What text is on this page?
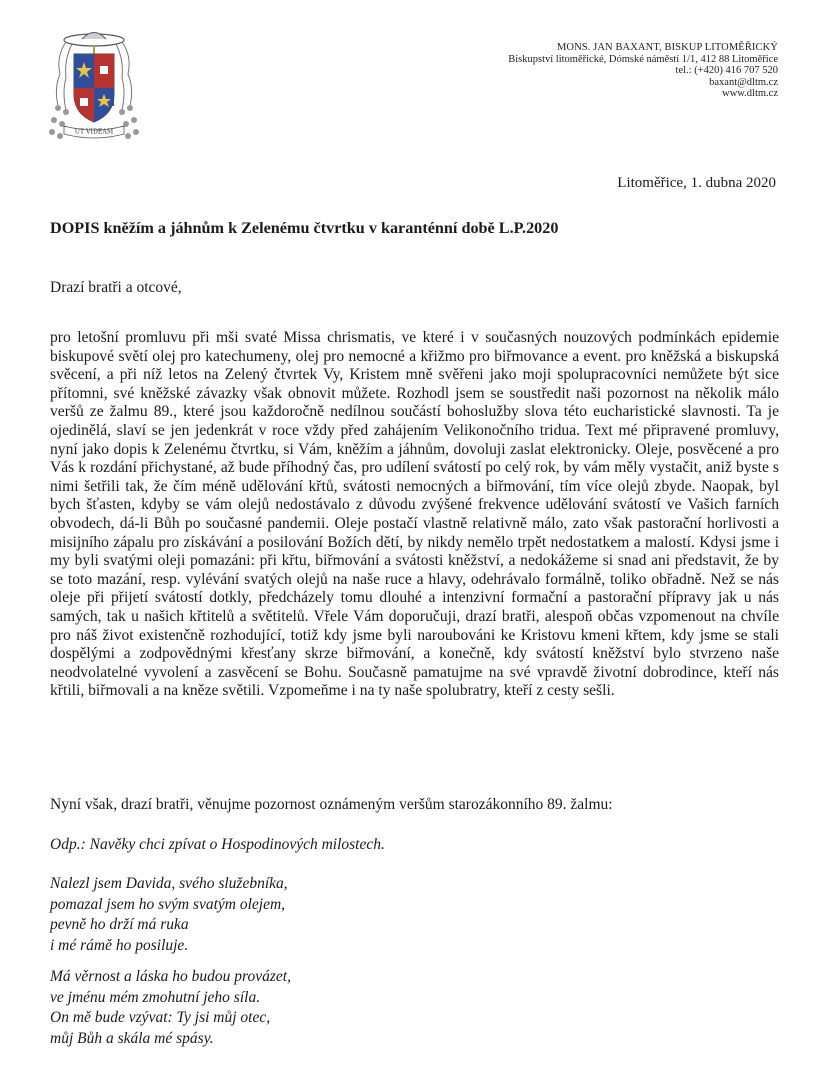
UT VIDEAM
MONS. JAN BAXANT, BISKUP LITOMĚŘICKÝ
Biskupství litoměřické, Dómské náměstí 1/1, 412 88 Litoměřice
tel.: (+420) 416 707 520
baxant@dltm.cz
www.dltm.cz
Litoměřice, 1. dubna 2020
DOPIS kněžím a jáhnům k Zelenému čtvrtku v karanténní době L.P.2020
Drazí bratři a otcové,

pro letošní promluvu při mši svaté Missa chrismatis, ve které i v současných nouzových podmínkách epidemie biskupové světí olej pro katechumeny, olej pro nemocné a křižmo pro biřmovance a event. pro kněžská a biskupská svěcení, a při níž letos na Zelený čtvrtek Vy, Kristem mně svěřeni jako moji spolupracovníci nemůžete být sice přítomni, své kněžské závazky však obnovit můžete. Rozhodl jsem se soustředit naši pozornost na několik málo veršů ze žalmu 89., které jsou každoročně nedílnou součástí bohoslužby slova této eucharistické slavnosti. Ta je ojedinělá, slaví se jen jedenkrát v roce vždy před zahájením Velikonočního tridua. Text mé připravené promluvy, nyní jako dopis k Zelenému čtvrtku, si Vám, kněžím a jáhnům, dovoluji zaslat elektronicky. Oleje, posvěcené a pro Vás k rozdání přichystané, až bude příhodný čas, pro udílení svátostí po celý rok, by vám měly vystačit, aniž byste s nimi šetřili tak, že čím méně udělování křtů, svátosti nemocných a biřmování, tím více olejů zbyde. Naopak, byl bych šťasten, kdyby se vám olejů nedostávalo z důvodu zvýšené frekvence udělování svátostí ve Vašich farních obvodech, dá-li Bůh po současné pandemii. Oleje postačí vlastně relativně málo, zato však pastorační horlivosti a misijního zápalu pro získávání a posilování Božích dětí, by nikdy nemělo trpět nedostatkem a malostí. Kdysi jsme i my byli svatými oleji pomazáni: při křtu, biřmování a svátosti kněžství, a nedokážeme si snad ani představit, že by se toto mazání, resp. vylévání svatých olejů na naše ruce a hlavy, odehrávalo formálně, toliko obřadně. Než se nás oleje při přijetí svátostí dotkly, předcházely tomu dlouhé a intenzivní formační a pastorační přípravy jak u nás samých, tak u našich křtitelů a světitelů. Vřele Vám doporučuji, drazí bratři, alespoň občas vzpomenout na chvíle pro náš život existenčně rozhodující, totiž kdy jsme byli naroubováni ke Kristovu kmeni křtem, kdy jsme se stali dospělými a zodpovědnými křesťany skrze biřmování, a konečně, kdy svátostí kněžství bylo stvrzeno naše neodvolatelné vyvolení a zasvěcení se Bohu. Současně pamatujme na své vpravdě životní dobrodince, kteří nás křtili, biřmovali a na kněze světili. Vzpomeňme i na ty naše spolubratry, kteří z cesty sešli.

Nyní však, drazí bratři, věnujme pozornost oznámeným veršům starozákonního 89. žalmu:
Odp.: Navěky chci zpívat o Hospodinových milostech.
Nalezl jsem Davida, svého služebníka,
pomazal jsem ho svým svatým olejem,
pevně ho drží má ruka
i mé rámě ho posiluje.
Má věrnost a láska ho budou provázet,
ve jménu mém zmohutní jeho síla.
On mě bude vzývat: Ty jsi můj otec,
můj Bůh a skála mé spásy.
